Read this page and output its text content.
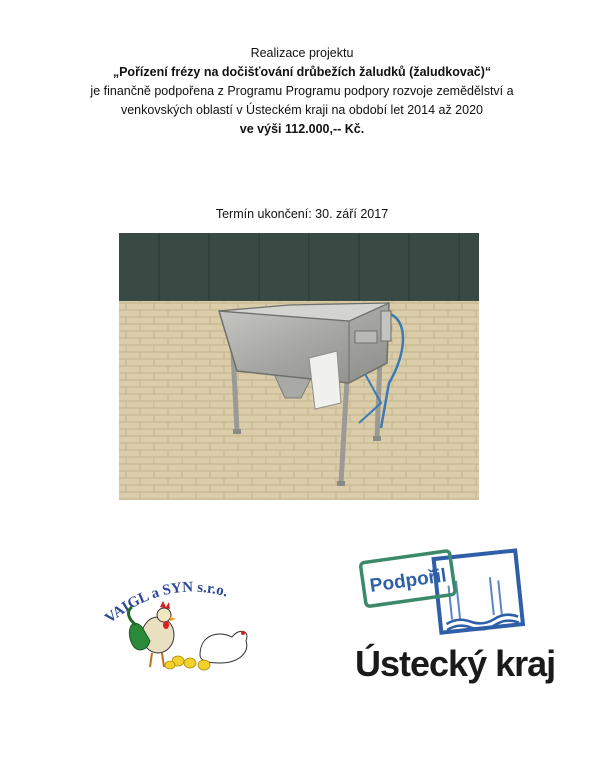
Realizace projektu
„Pořízení frézy na dočišťování drůbežích žaludků (žaludkovač)“
je finančně podpořena z Programu Programu podpory rozvoje zemědělství a
venkovských oblastí v Ústeckém kraji na období let 2014 až 2020
ve výši 112.000,-- Kč.
Termín ukončení: 30. září 2017
VAIGL a SYN s.r.o.	Podpořil
Ústecký kraj
